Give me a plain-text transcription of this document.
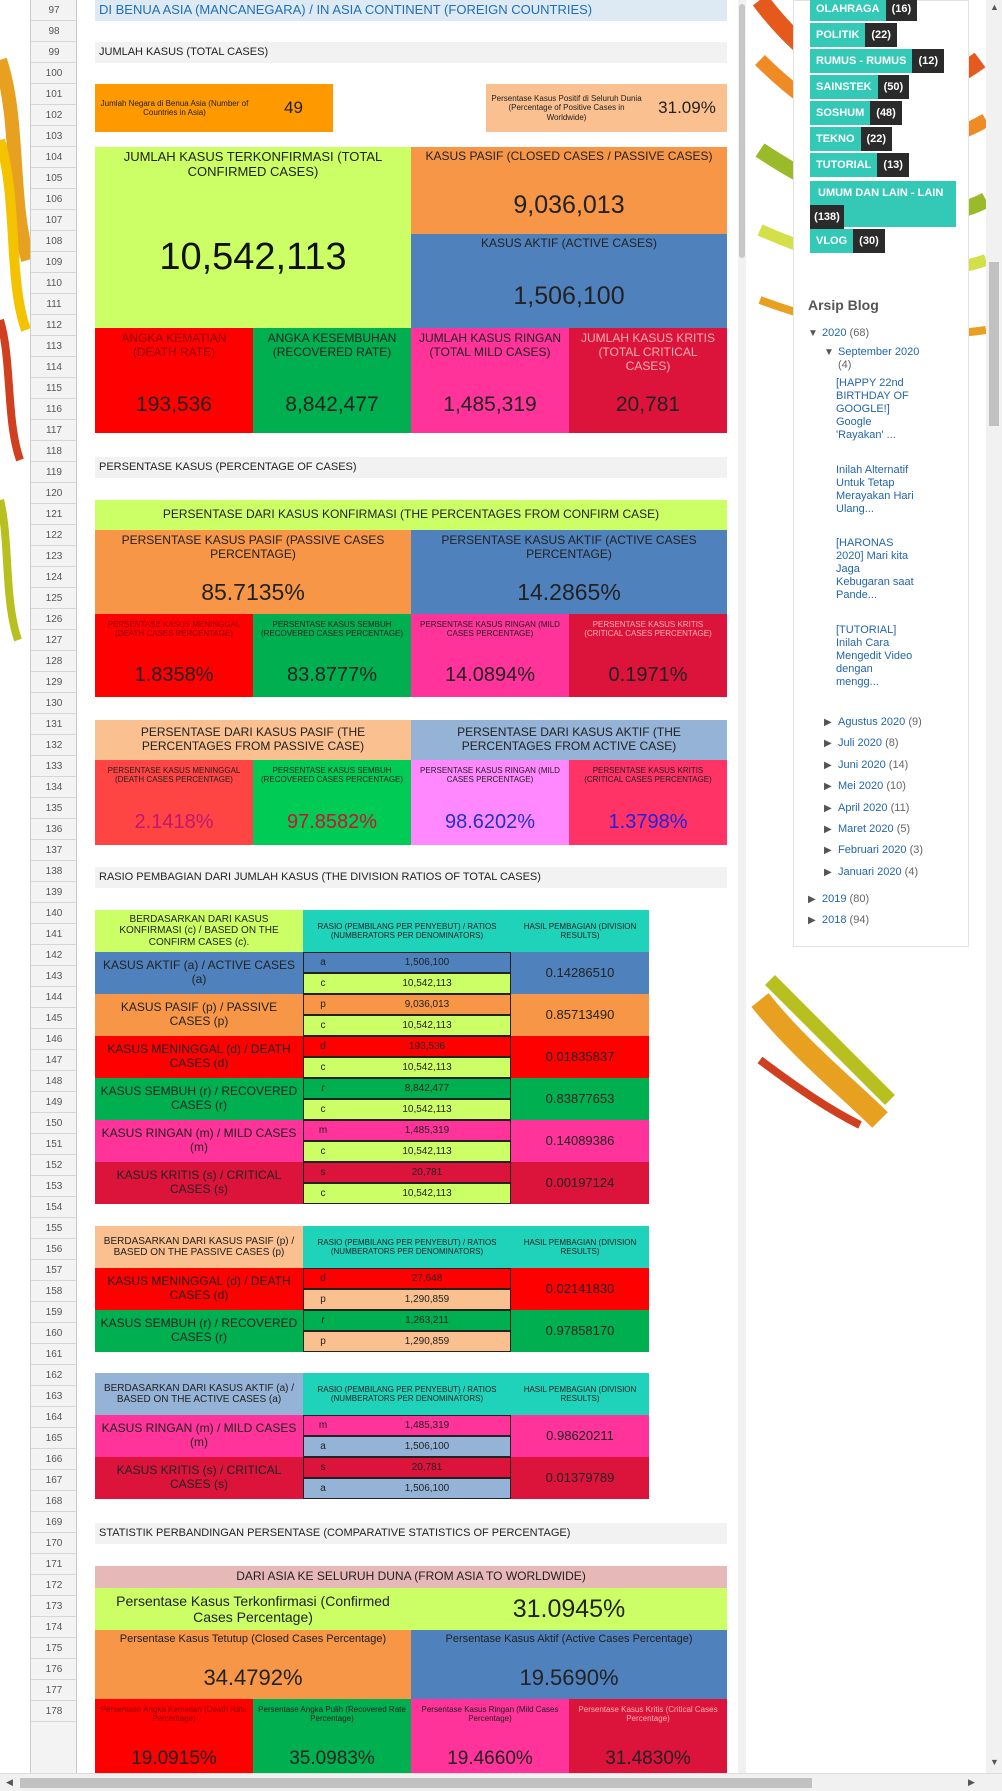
97
98
99
100
101
102
103
104
105
106
107
108
109
110
111
112
113
114
115
116
117
118
119
120
121
122
123
124
125
126
127
128
129
130
131
132
133
134
135
136
137
138
139
140
141
142
143
144
145
146
147
148
149
150
151
152
153
154
155
156
157
158
159
160
161
162
163
164
165
166
167
168
169
170
171
172
173
174
175
176
177
178
DI BENUA ASIA (MANCANEGARA) / IN ASIA CONTINENT (FOREIGN COUNTRIES)
JUMLAH KASUS (TOTAL CASES)
Jumlah Negara di Benua Asia (Number of Countries in Asia)	49	Persentase Kasus Positif di Seluruh Dunia (Percentage of Positive Cases in Worldwide)	31.09%
JUMLAH KASUS TERKONFIRMASI (TOTAL CONFIRMED CASES)
10,542,113
KASUS PASIF (CLOSED CASES / PASSIVE CASES)
9,036,013
KASUS AKTIF (ACTIVE CASES)
1,506,100
ANGKA KEMATIAN (DEATH RATE)
193,536
ANGKA KESEMBUHAN (RECOVERED RATE)
8,842,477
JUMLAH KASUS RINGAN (TOTAL MILD CASES)
1,485,319
JUMLAH KASUS KRITIS (TOTAL CRITICAL CASES)
20,781
PERSENTASE KASUS (PERCENTAGE OF CASES)
PERSENTASE DARI KASUS KONFIRMASI (THE PERCENTAGES FROM CONFIRM CASE)
PERSENTASE KASUS PASIF (PASSIVE CASES PERCENTAGE)
85.7135%
PERSENTASE KASUS AKTIF (ACTIVE CASES PERCENTAGE)
14.2865%
PERSENTASE KASUS MENINGGAL (DEATH CASES PERCENTAGE)
1.8358%
PERSENTASE KASUS SEMBUH (RECOVERED CASES PERCENTAGE)
83.8777%
PERSENTASE KASUS RINGAN (MILD CASES PERCENTAGE)
14.0894%
PERSENTASE KASUS KRITIS (CRITICAL CASES PERCENTAGE)
0.1971%
PERSENTASE DARI KASUS PASIF (THE PERCENTAGES FROM PASSIVE CASE)
PERSENTASE DARI KASUS AKTIF (THE PERCENTAGES FROM ACTIVE CASE)
PERSENTASE KASUS MENINGGAL (DEATH CASES PERCENTAGE)
2.1418%
PERSENTASE KASUS SEMBUH (RECOVERED CASES PERCENTAGE)
97.8582%
PERSENTASE KASUS RINGAN (MILD CASES PERCENTAGE)
98.6202%
PERSENTASE KASUS KRITIS (CRITICAL CASES PERCENTAGE)
1.3798%
RASIO PEMBAGIAN DARI JUMLAH KASUS (THE DIVISION RATIOS OF TOTAL CASES)
BERDASARKAN DARI KASUS KONFIRMASI (c) / BASED ON THE CONFIRM CASES (c).
RASIO (PEMBILANG PER PENYEBUT) / RATIOS (NUMBERATORS PER DENOMINATORS)
HASIL PEMBAGIAN (DIVISION RESULTS)
KASUS AKTIF (a) / ACTIVE CASES (a)
a	1,506,100
c	10,542,113
0.14286510
KASUS PASIF (p) / PASSIVE CASES (p)
p	9,036,013
c	10,542,113
0.85713490
KASUS MENINGGAL (d) / DEATH CASES (d)
d	193,536
c	10,542,113
0.01835837
KASUS SEMBUH (r) / RECOVERED CASES (r)
r	8,842,477
c	10,542,113
0.83877653
KASUS RINGAN (m) / MILD CASES (m)
m	1,485,319
c	10,542,113
0.14089386
KASUS KRITIS (s) / CRITICAL CASES (s)
s	20,781
c	10,542,113
0.00197124
BERDASARKAN DARI KASUS PASIF (p) / BASED ON THE PASSIVE CASES (p)
RASIO (PEMBILANG PER PENYEBUT) / RATIOS (NUMBERATORS PER DENOMINATORS)
HASIL PEMBAGIAN (DIVISION RESULTS)
KASUS MENINGGAL (d) / DEATH CASES (d)
d	27,648
p	1,290,859
0.02141830
KASUS SEMBUH (r) / RECOVERED CASES (r)
r	1,263,211
p	1,290,859
0.97858170
BERDASARKAN DARI KASUS AKTIF (a) / BASED ON THE ACTIVE CASES (a)
RASIO (PEMBILANG PER PENYEBUT) / RATIOS (NUMBERATORS PER DENOMINATORS)
HASIL PEMBAGIAN (DIVISION RESULTS)
KASUS RINGAN (m) / MILD CASES (m)
m	1,485,319
a	1,506,100
0.98620211
KASUS KRITIS (s) / CRITICAL CASES (s)
s	20,781
a	1,506,100
0.01379789
STATISTIK PERBANDINGAN PERSENTASE (COMPARATIVE STATISTICS OF PERCENTAGE)
DARI ASIA KE SELURUH DUNA (FROM ASIA TO WORLDWIDE)
Persentase Kasus Terkonfirmasi (Confirmed Cases Percentage)	31.0945%
Persentase Kasus Tetutup (Closed Cases Percentage)
34.4792%
Persentase Kasus Aktif (Active Cases Percentage)
19.5690%
Persentase Angka Kematian (Death Rate Percentage)
19.0915%
Persentase Angka Pulih (Recovered Rate Percentage)
35.0983%
Persentase Kasus Ringan (Mild Cases Percentage)
19.4660%
Persentase Kasus Kritis (Critical Cases Percentage)
31.4830%
OLAHRAGA	(16)
POLITIK	(22)
RUMUS - RUMUS	(12)
SAINSTEK	(50)
SOSHUM	(48)
TEKNO	(22)
TUTORIAL	(13)
UMUM DAN LAIN - LAIN
(138)
VLOG	(30)
Arsip Blog
▼ 2020 (68)
▼ September 2020
(4)
[HAPPY 22nd BIRTHDAY OF GOOGLE!] Google 'Rayakan' ...
Inilah Alternatif Untuk Tetap Merayakan Hari Ulang...
[HARONAS 2020] Mari kita Jaga Kebugaran saat Pande...
[TUTORIAL] Inilah Cara Mengedit Video dengan mengg...
▶ Agustus 2020 (9)
▶ Juli 2020 (8)
▶ Juni 2020 (14)
▶ Mei 2020 (10)
▶ April 2020 (11)
▶ Maret 2020 (5)
▶ Februari 2020 (3)
▶ Januari 2020 (4)
▶ 2019 (80)
▶ 2018 (94)
▲
▼
◀	▶
